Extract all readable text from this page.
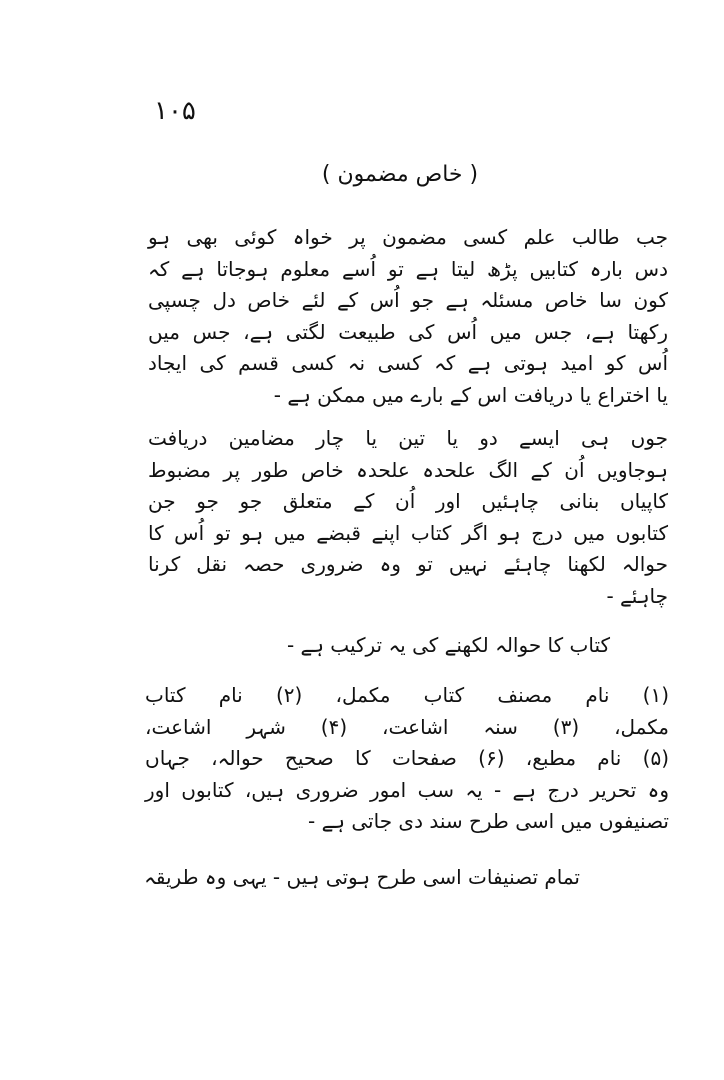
۱۰۵
( خاص مضمون )
جب طالب علم کسی مضمون پر خواہ کوئی بھی ہو
دس بارہ کتابیں پڑھ لیتا ہے تو اُسے معلوم ہوجاتا ہے کہ
کون سا خاص مسئلہ ہے جو اُس کے لئے خاص دل چسپی
رکھتا ہے، جس میں اُس کی طبیعت لگتی ہے، جس میں
اُس کو امید ہوتی ہے کہ کسی نہ کسی قسم کی ایجاد
یا اختراع یا دریافت اس کے بارے میں ممکن ہے -
جوں ہی ایسے دو یا تین یا چار مضامین دریافت
ہوجاویں اُن کے الگ علحدہ علحدہ خاص طور پر مضبوط
کاپیاں بنانی چاہئیں اور اُن کے متعلق جو جو جن
کتابوں میں درج ہو اگر کتاب اپنے قبضے میں ہو تو اُس کا
حوالہ لکھنا چاہئے نہیں تو وہ ضروری حصہ نقل کرنا
چاہئے -
کتاب کا حوالہ لکھنے کی یہ ترکیب ہے -
(۱) نام مصنف کتاب مکمل، (۲) نام کتاب
مکمل، (۳) سنہ اشاعت، (۴) شہر اشاعت،
(۵) نام مطبع، (۶) صفحات کا صحیح حوالہ، جہاں
وہ تحریر درج ہے - یہ سب امور ضروری ہیں، کتابوں اور
تصنیفوں میں اسی طرح سند دی جاتی ہے -
تمام تصنیفات اسی طرح ہوتی ہیں - یہی وہ طریقہ
